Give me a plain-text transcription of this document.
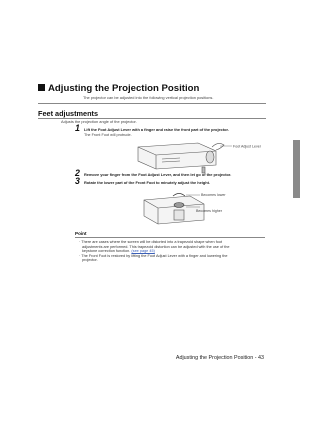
Adjusting the Projection Position
The projector can be adjusted into the following vertical projection positions.
Feet adjustments
Adjusts the projection angle of the projector.
1 Lift the Foot Adjust Lever with a finger and raise the front part of the projector.
The Front Foot will protrude.
Foot Adjust Lever
2 Remove your finger from the Foot Adjust Lever, and then let go of the projector.
3 Rotate the lower part of the Front Foot to minutely adjust the height.
Becomes lower
Becomes higher
Point

· There are cases where the screen will be distorted into a trapezoid shape when foot

adjustments are performed. This trapezoid distortion can be adjusted with the use of the

keystone correction function. (see page 45)

· The Front Foot is restored by lifting the Foot Adjust Lever with a finger and lowering the

projector.

Adjusting the Projection Position - 43
